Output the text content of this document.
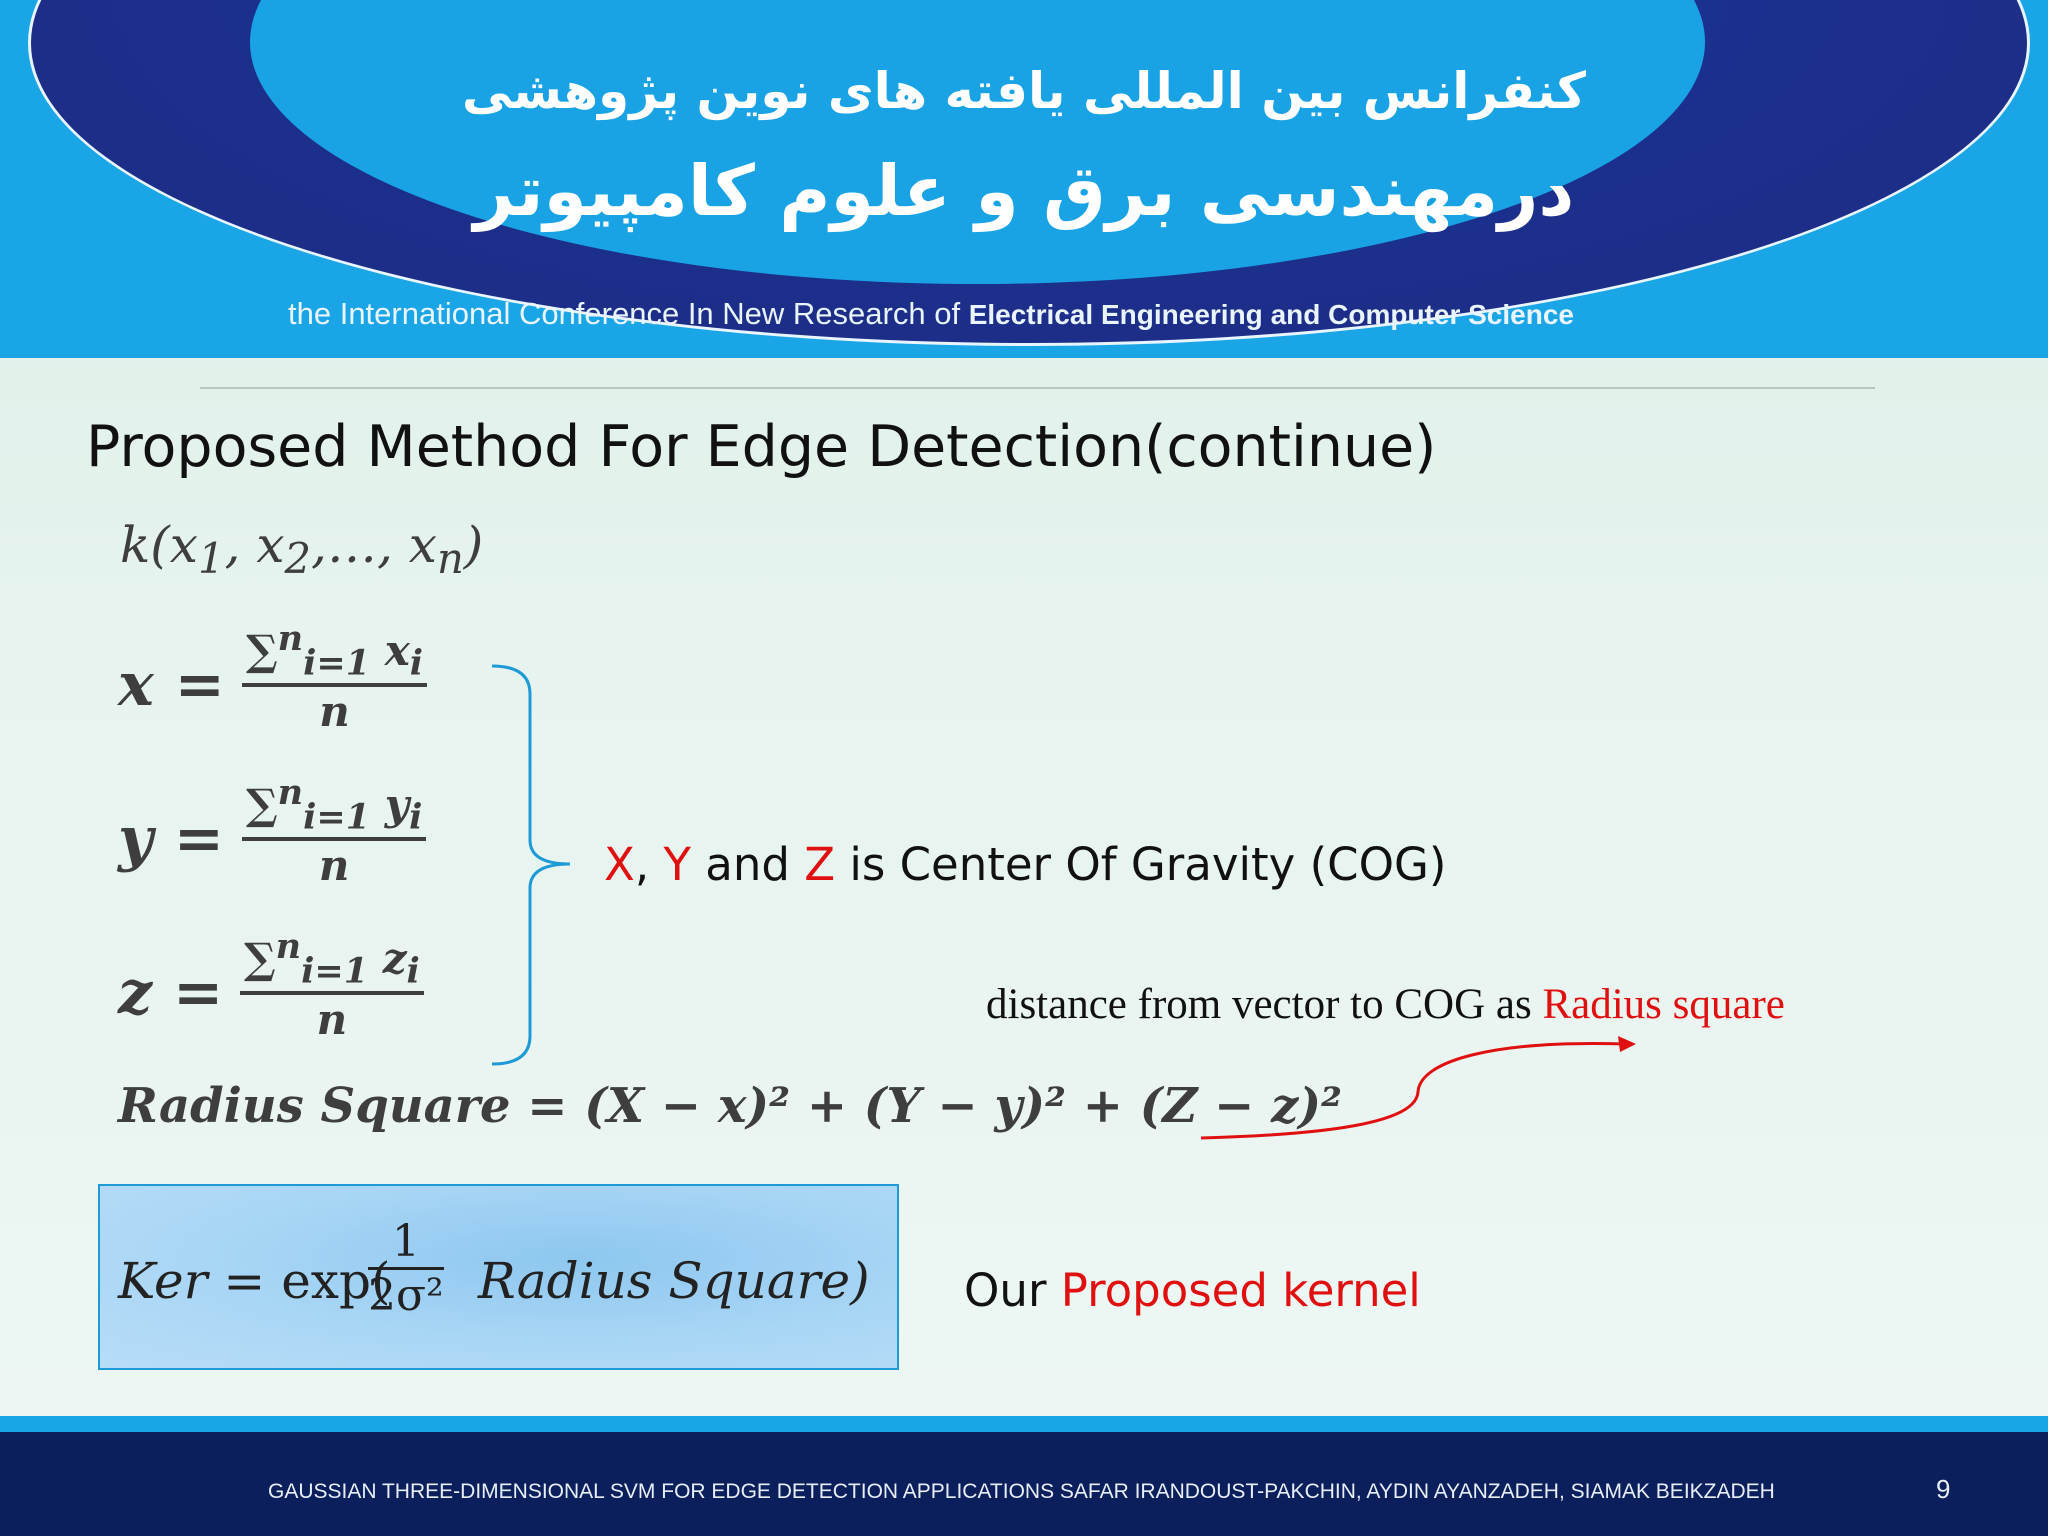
کنفرانس بین المللی یافته های نوین پژوهشی
درمهندسی برق و علوم کامپیوتر
the International Conference In New Research of Electrical Engineering and Computer Science
Proposed Method For Edge Detection(continue)
$k(x_1$, $x_2,\dots$, $x_n$)
$x = \frac{\sum^n_{i=1} x_i}{n}$
$y = \frac{\sum^n_{i=1} y_i}{n}$
$z = \frac{\sum^n_{i=1} z_i}{n}$
X, Y and Z is Center Of Gravity (COG)
distance from vector to COG as Radius square
Radius Square = (X − x)² + (Y − y)² + (Z − z)²
Ker = exp(
1
2σ² Radius Square) Our Proposed kernel
GAUSSIAN THREE-DIMENSIONAL SVM FOR EDGE DETECTION APPLICATIONS SAFAR IRANDOUST-PAKCHIN, AYDIN AYANZADEH, SIAMAK BEIKZADEH	9
